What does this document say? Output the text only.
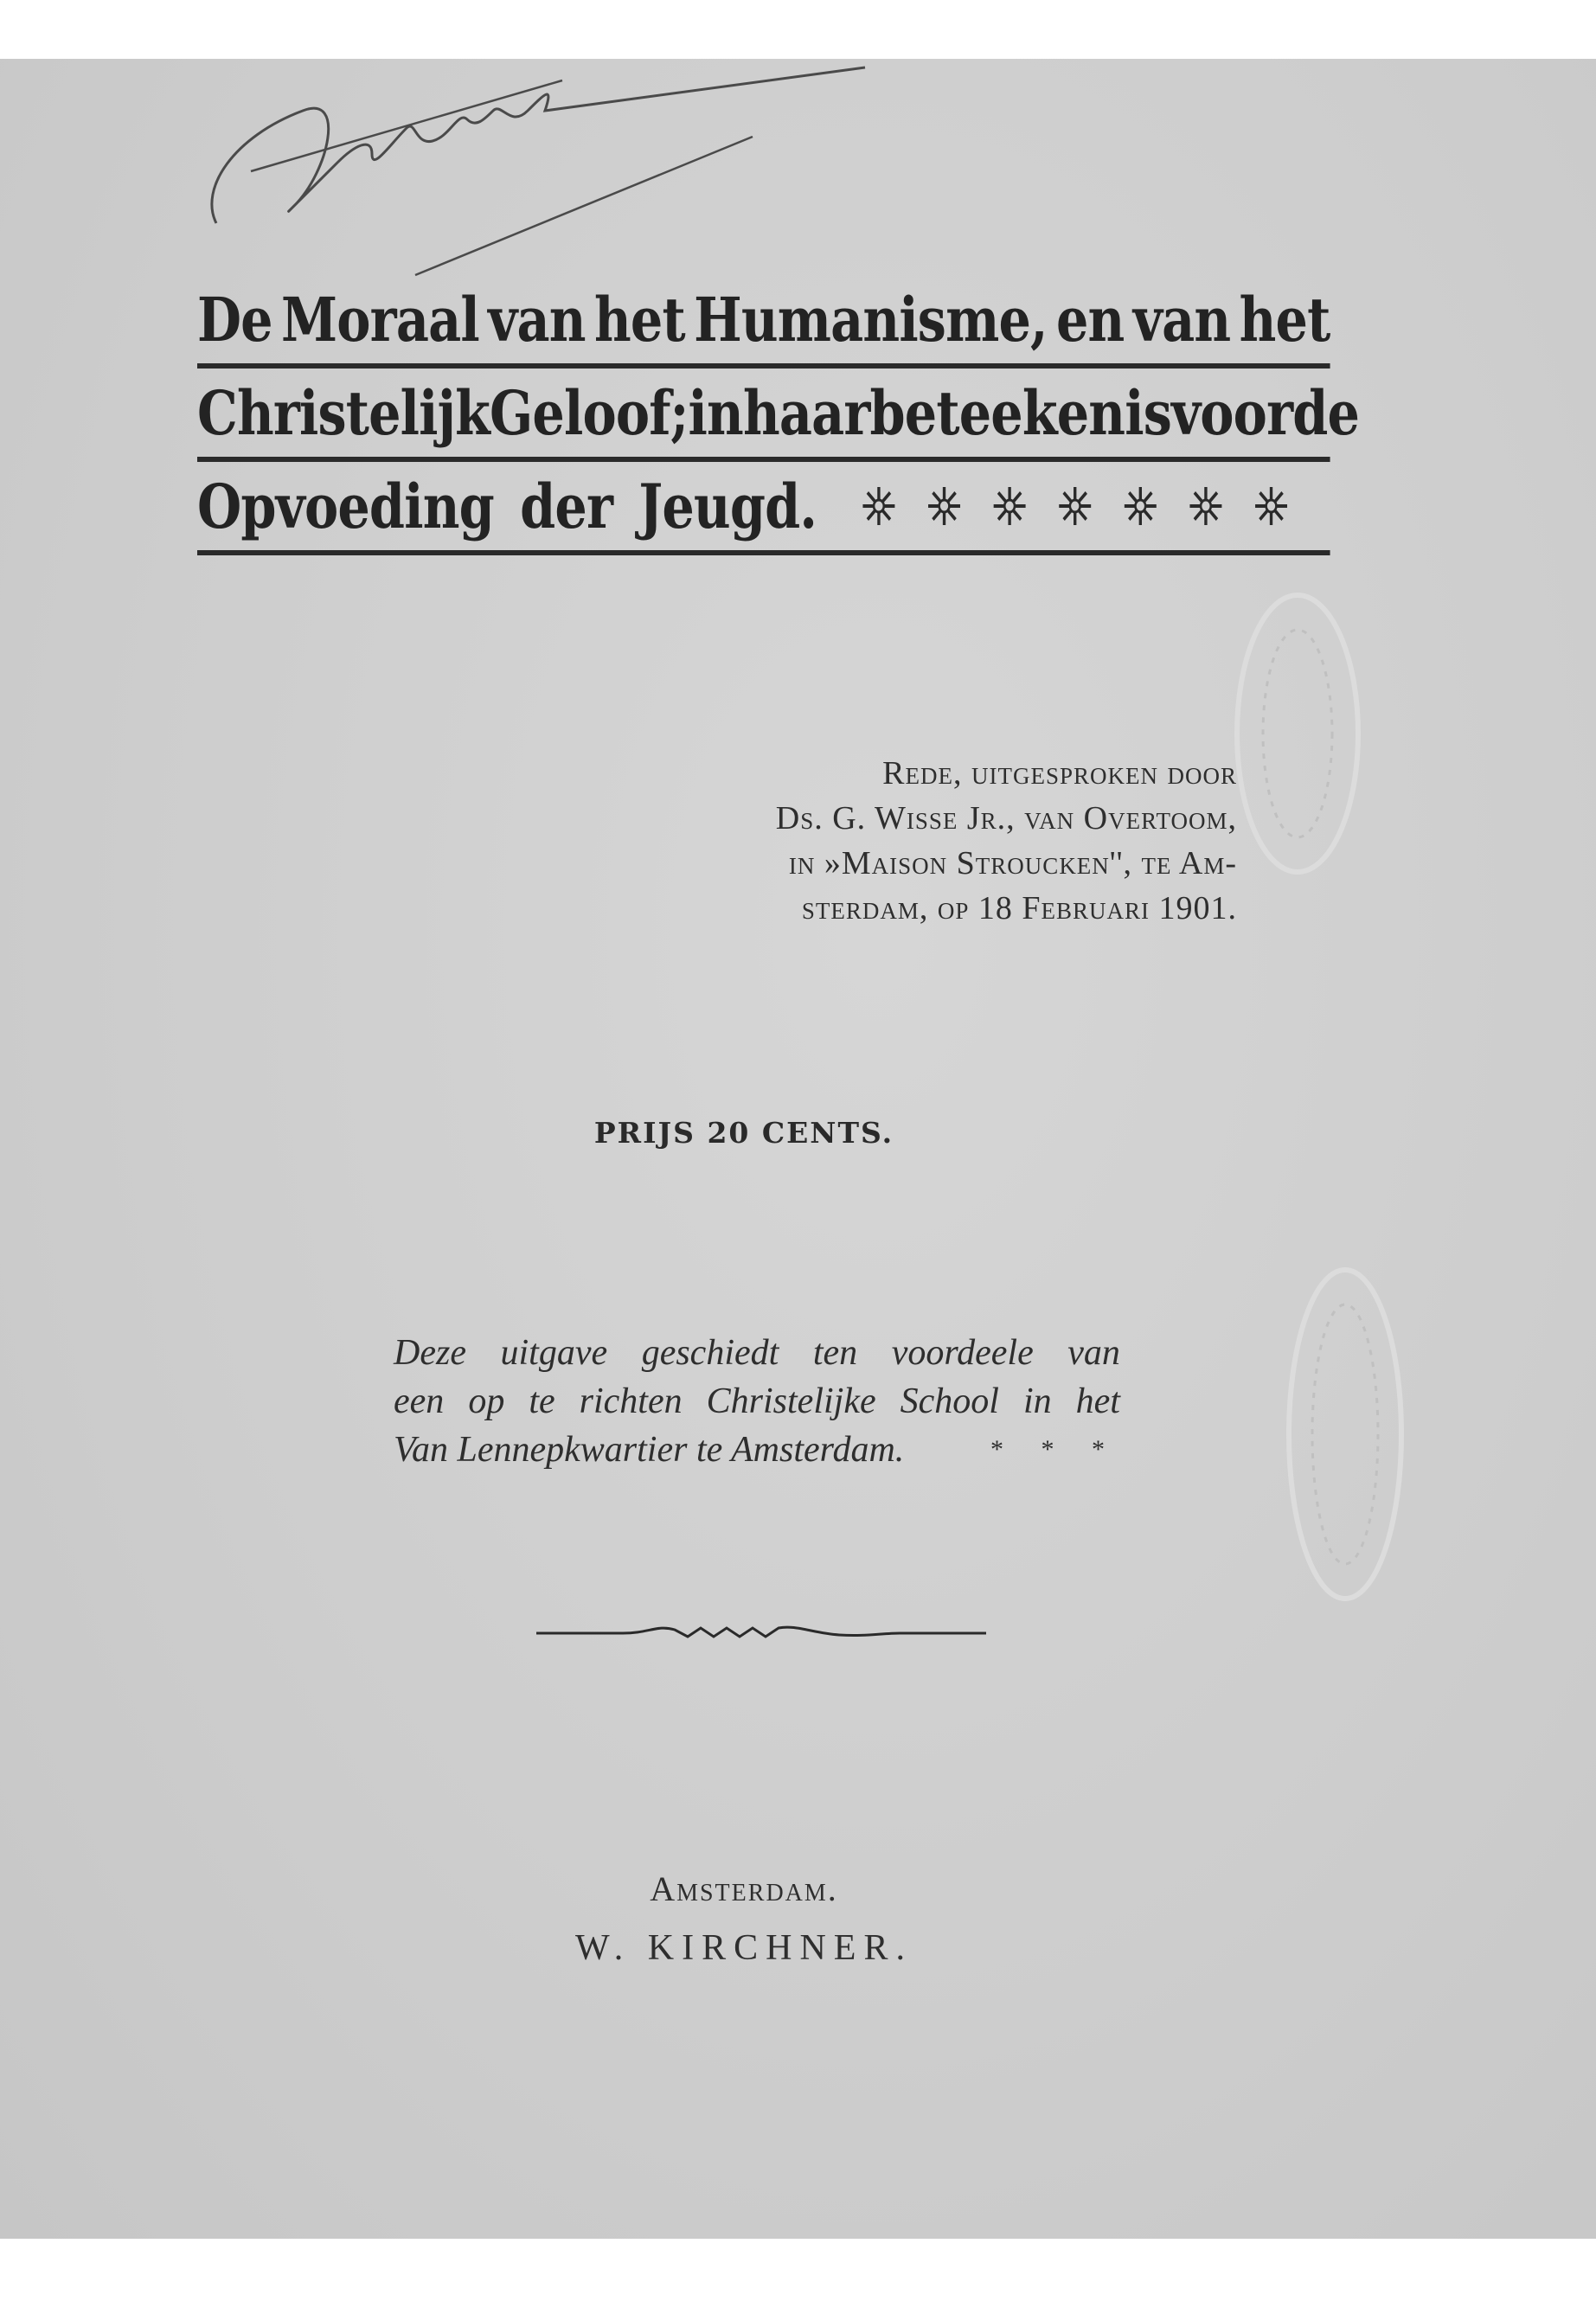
De Moraal van het Humanisme, en van het
Christelijk Geloof; in haar beteekenis voor de
Opvoeding der Jeugd.
Rede, uitgesproken door
Ds. G. Wisse Jr., van Overtoom,
in »Maison Stroucken'', te Am-
sterdam, op 18 Februari 1901.
PRIJS 20 CENTS.
Deze uitgave geschiedt ten voordeele van
een op te richten Christelijke School in het
Van Lennepkwartier te Amsterdam.	* * *
Amsterdam.
W. KIRCHNER.
